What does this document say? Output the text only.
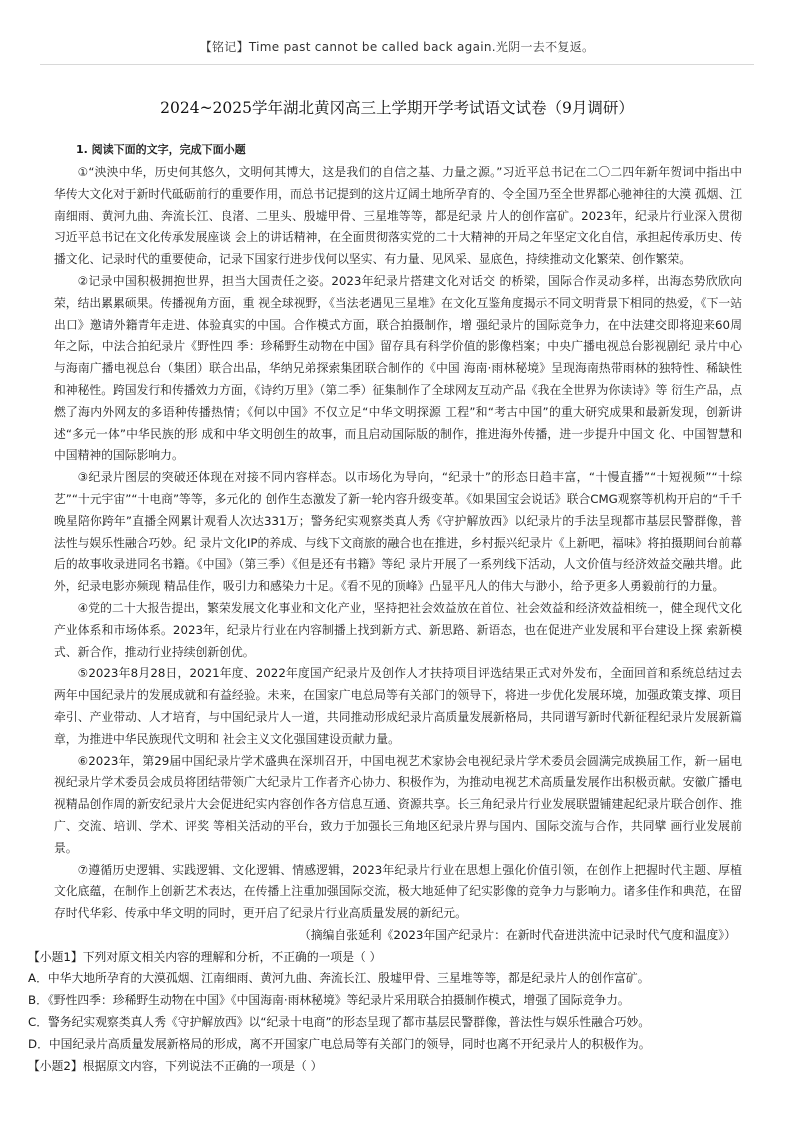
【铭记】Time past cannot be called back again.光阴一去不复返。
2024~2025学年湖北黄冈高三上学期开学考试语文试卷（9月调研）
1. 阅读下面的文字，完成下面小题

①“泱泱中华，历史何其悠久，文明何其博大，这是我们的自信之基、力量之源。”习近平总书记在二〇二四年新年贺词中指出中华传大文化对于新时代砥砺前行的重要作用，而总书记提到的这片辽阔土地所孕育的、令全国乃至全世界都心驰神往的大漠 孤烟、江南细雨、黄河九曲、奔流长江、良渚、二里头、殷墟甲骨、三星堆等等，都是纪录 片人的创作富矿。2023年，纪录片行业深入贯彻习近平总书记在文化传承发展座谈 会上的讲话精神，在全面贯彻落实党的二十大精神的开局之年坚定文化自信，承担起传承历史、传播文化、记录时代的重要使命，记录下国家行进步伐何以坚实、有力量、见风采、显底色，持续推动文化繁荣、创作繁荣。

②记录中国积极拥抱世界，担当大国责任之姿。2023年纪录片搭建文化对话交 的桥梁，国际合作灵动多样，出海态势欣欣向荣，结出累累硕果。传播视角方面，重 视全球视野，《当法老遇见三星堆》在文化互鉴角度揭示不同文明背景下相同的热爱，《下一站出口》邀请外籍青年走进、体验真实的中国。合作模式方面，联合拍摄制作，增 强纪录片的国际竞争力，在中法建交即将迎来60周年之际，中法合拍纪录片《野性四 季：珍稀野生动物在中国》留存具有科学价值的影像档案；中央广播电视总台影视剧纪 录片中心与海南广播电视总台（集团）联合出品，华纳兄弟探索集团联合制作的《中国 海南·雨林秘境》呈现海南热带雨林的独特性、稀缺性和神秘性。跨国发行和传播效力方面，《诗约万里》（第二季）征集制作了全球网友互动产品《我在全世界为你读诗》等 衍生产品，点燃了海内外网友的多语种传播热情；《何以中国》不仅立足“中华文明探源 工程”和“考古中国”的重大研究成果和最新发现，创新讲述“多元一体”中华民族的形 成和中华文明创生的故事，而且启动国际版的制作，推进海外传播，进一步提升中国文 化、中国智慧和中国精神的国际影响力。

③纪录片图层的突破还体现在对接不同内容样态。以市场化为导向，“纪录十”的形态日趋丰富，“十慢直播”“十短视频”“十综艺”“十元宇宙”“十电商”等等，多元化的 创作生态激发了新一轮内容升级变革。《如果国宝会说话》联合CMG观察等机构开启的“千千晚星陪你跨年”直播全网累计观看人次达331万；警务纪实观察类真人秀《守护解放西》以纪录片的手法呈现都市基层民警群像，普法性与娱乐性融合巧妙。纪 录片文化IP的养成、与线下文商旅的融合也在推进，乡村振兴纪录片《上新吧，福味》将拍摄期间台前幕后的故事收录进同名书籍。《中国》（第三季）《但是还有书籍》等纪 录片开展了一系列线下活动，人文价值与经济效益交融共增。此外，纪录电影亦频现 精品佳作，吸引力和感染力十足。《看不见的顶峰》凸显平凡人的伟大与渺小，给予更多人勇毅前行的力量。

④党的二十大报告提出，繁荣发展文化事业和文化产业，坚持把社会效益放在首位、社会效益和经济效益相统一，健全现代文化产业体系和市场体系。2023年，纪录片行业在内容制播上找到新方式、新思路、新语态，也在促进产业发展和平台建设上探 索新模式、新合作，推动行业持续创新创优。

⑤2023年8月28日，2021年度、2022年度国产纪录片及创作人才扶持项目评选结果正式对外发布，全面回首和系统总结过去两年中国纪录片的发展成就和有益经验。未来，在国家广电总局等有关部门的领导下，将进一步优化发展环境，加强政策支撑、项目牵引、产业带动、人才培育，与中国纪录片人一道，共同推动形成纪录片高质量发展新格局，共同谱写新时代新征程纪录片发展新篇章，为推进中华民族现代文明和 社会主义文化强国建设贡献力量。

⑥2023年，第29届中国纪录片学术盛典在深圳召开，中国电视艺术家协会电视纪录片学术委员会圆满完成换届工作，新一届电视纪录片学术委员会成员将团结带领广大纪录片工作者齐心协力、积极作为，为推动电视艺术高质量发展作出积极贡献。安徽广播电视精品创作周的新安纪录片大会促进纪实内容创作各方信息互通、资源共享。长三角纪录片行业发展联盟铺建起纪录片联合创作、推广、交流、培训、学术、评奖 等相关活动的平台，致力于加强长三角地区纪录片界与国内、国际交流与合作，共同擘 画行业发展前景。

⑦遵循历史逻辑、实践逻辑、文化逻辑、情感逻辑，2023年纪录片行业在思想上强化价值引领，在创作上把握时代主题、厚植文化底蕴，在制作上创新艺术表达，在传播上注重加强国际交流，极大地延伸了纪实影像的竞争力与影响力。诸多佳作和典范，在留存时代华彩、传承中华文明的同时，更开启了纪录片行业高质量发展的新纪元。

（摘编自张延利《2023年国产纪录片：在新时代奋进洪流中记录时代气度和温度》）

【小题1】下列对原文相关内容的理解和分析，不正确的一项是（ ）

A．中华大地所孕育的大漠孤烟、江南细雨、黄河九曲、奔流长江、殷墟甲骨、三星堆等等，都是纪录片人的创作富矿。

B．《野性四季：珍稀野生动物在中国》《中国海南·雨林秘境》等纪录片采用联合拍摄制作模式，增强了国际竞争力。

C．警务纪实观察类真人秀《守护解放西》以“纪录十电商”的形态呈现了都市基层民警群像，普法性与娱乐性融合巧妙。

D．中国纪录片高质量发展新格局的形成，离不开国家广电总局等有关部门的领导，同时也离不开纪录片人的积极作为。

【小题2】根据原文内容，下列说法不正确的一项是（ ）
